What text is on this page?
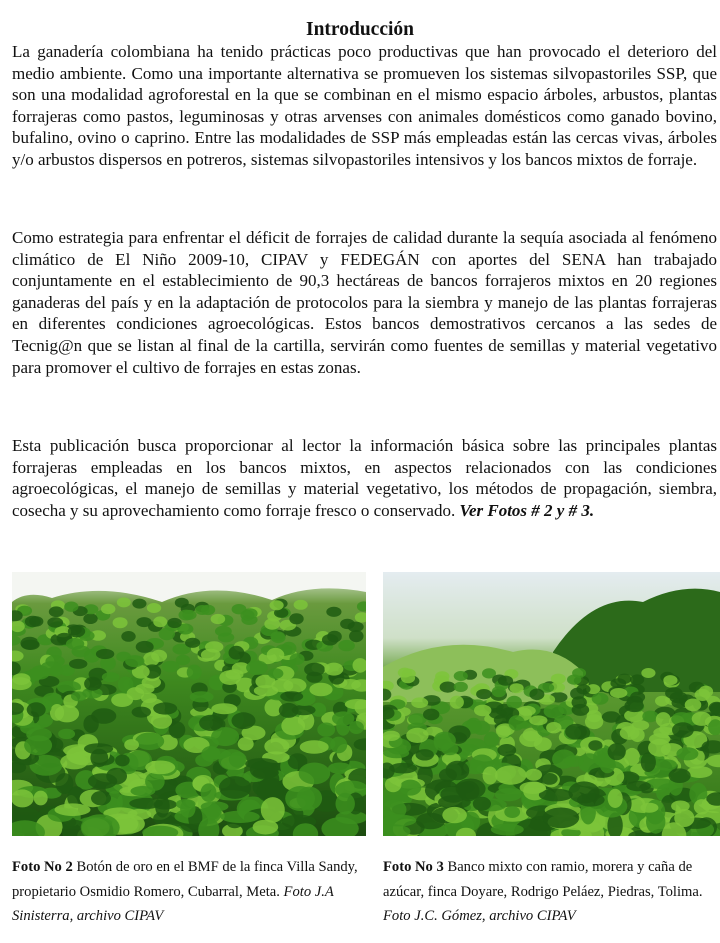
Introducción

La ganadería colombiana ha tenido prácticas poco productivas que han provocado el deterioro del medio ambiente. Como una importante alternativa se promueven los sistemas silvopastoriles SSP, que son una modalidad agroforestal en la que se combinan en el mismo espacio árboles, arbustos, plantas forrajeras como pastos, leguminosas y otras arvenses con animales domésticos como ganado bovino, bufalino, ovino o caprino. Entre las modalidades de SSP más empleadas están las cercas vivas, árboles y/o arbustos dispersos en potreros, sistemas silvopastoriles intensivos y los bancos mixtos de forraje.

Como estrategia para enfrentar el déficit de forrajes de calidad durante la sequía asociada al fenómeno climático de El Niño 2009-10, CIPAV y FEDEGÁN con aportes del SENA han trabajado conjuntamente en el establecimiento de 90,3 hectáreas de bancos forrajeros mixtos en 20 regiones ganaderas del país y en la adaptación de protocolos para la siembra y manejo de las plantas forrajeras en diferentes condiciones agroecológicas. Estos bancos demostrativos cercanos a las sedes de Tecnig@n que se listan al final de la cartilla, servirán como fuentes de semillas y material vegetativo para promover el cultivo de forrajes en estas zonas.

Esta publicación busca proporcionar al lector la información básica sobre las principales plantas forrajeras empleadas en los bancos mixtos, en aspectos relacionados con las condiciones agroecológicas, el manejo de semillas y material vegetativo, los métodos de propagación, siembra, cosecha y su aprovechamiento como forraje fresco o conservado. Ver Fotos # 2 y # 3.

Foto No 2 Botón de oro en el BMF de la finca Villa Sandy, propietario Osmidio Romero, Cubarral, Meta. Foto J.A Sinisterra, archivo CIPAV

Foto No 3 Banco mixto con ramio, morera y caña de azúcar, finca Doyare, Rodrigo Peláez, Piedras, Tolima. Foto J.C. Gómez, archivo CIPAV
